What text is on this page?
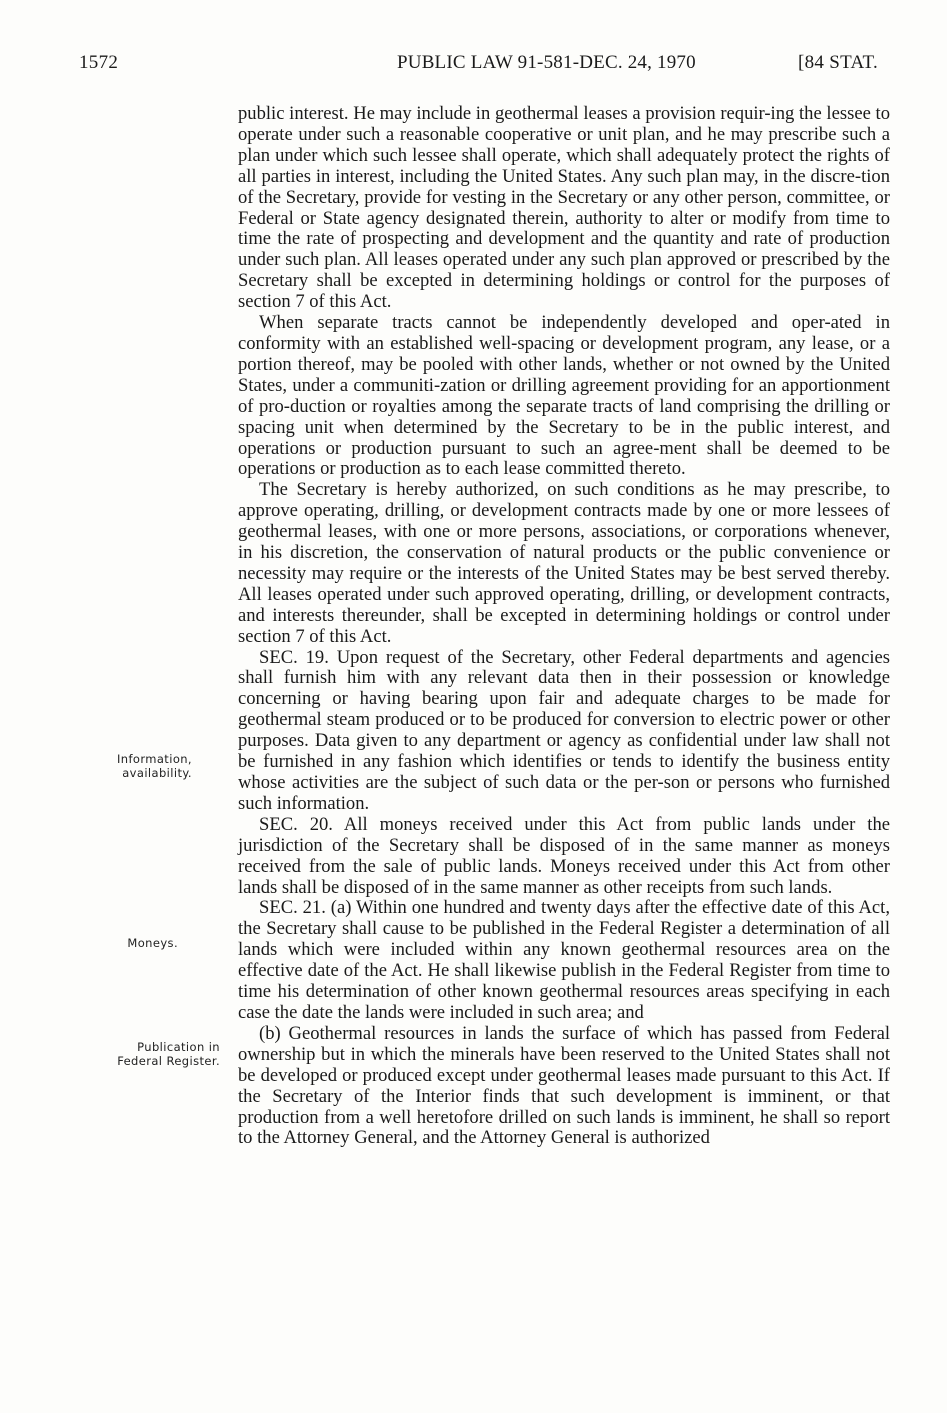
1572	PUBLIC LAW 91-581-DEC. 24, 1970	[84 STAT.
Information,
availability.
Moneys.
Publication in
Federal Register.

public interest. He may include in geothermal leases a provision requir-ing the lessee to operate under such a reasonable cooperative or unit plan, and he may prescribe such a plan under which such lessee shall operate, which shall adequately protect the rights of all parties in interest, including the United States. Any such plan may, in the discre-tion of the Secretary, provide for vesting in the Secretary or any other person, committee, or Federal or State agency designated therein, authority to alter or modify from time to time the rate of prospecting and development and the quantity and rate of production under such plan. All leases operated under any such plan approved or prescribed by the Secretary shall be excepted in determining holdings or control for the purposes of section 7 of this Act.

When separate tracts cannot be independently developed and oper-ated in conformity with an established well-spacing or development program, any lease, or a portion thereof, may be pooled with other lands, whether or not owned by the United States, under a communiti-zation or drilling agreement providing for an apportionment of pro-duction or royalties among the separate tracts of land comprising the drilling or spacing unit when determined by the Secretary to be in the public interest, and operations or production pursuant to such an agree-ment shall be deemed to be operations or production as to each lease committed thereto.

The Secretary is hereby authorized, on such conditions as he may prescribe, to approve operating, drilling, or development contracts made by one or more lessees of geothermal leases, with one or more persons, associations, or corporations whenever, in his discretion, the conservation of natural products or the public convenience or necessity may require or the interests of the United States may be best served thereby. All leases operated under such approved operating, drilling, or development contracts, and interests thereunder, shall be excepted in determining holdings or control under section 7 of this Act.

SEC. 19. Upon request of the Secretary, other Federal departments and agencies shall furnish him with any relevant data then in their possession or knowledge concerning or having bearing upon fair and adequate charges to be made for geothermal steam produced or to be produced for conversion to electric power or other purposes. Data given to any department or agency as confidential under law shall not be furnished in any fashion which identifies or tends to identify the business entity whose activities are the subject of such data or the per-son or persons who furnished such information.

SEC. 20. All moneys received under this Act from public lands under the jurisdiction of the Secretary shall be disposed of in the same manner as moneys received from the sale of public lands. Moneys received under this Act from other lands shall be disposed of in the same manner as other receipts from such lands.

SEC. 21. (a) Within one hundred and twenty days after the effective date of this Act, the Secretary shall cause to be published in the Federal Register a determination of all lands which were included within any known geothermal resources area on the effective date of the Act. He shall likewise publish in the Federal Register from time to time his determination of other known geothermal resources areas specifying in each case the date the lands were included in such area; and

(b) Geothermal resources in lands the surface of which has passed from Federal ownership but in which the minerals have been reserved to the United States shall not be developed or produced except under geothermal leases made pursuant to this Act. If the Secretary of the Interior finds that such development is imminent, or that production from a well heretofore drilled on such lands is imminent, he shall so report to the Attorney General, and the Attorney General is authorized
